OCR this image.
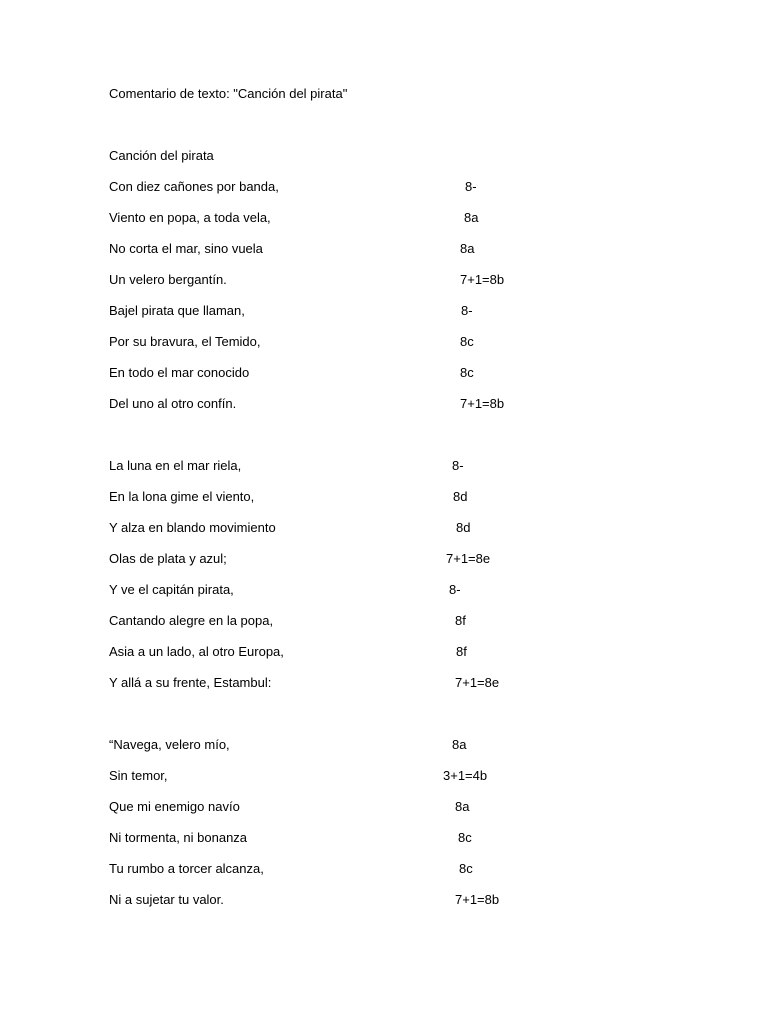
Comentario de texto: "Canción del pirata"
Canción del pirata
Con diez cañones por banda,	8-
Viento en popa, a toda vela,	8a
No corta el mar, sino vuela	8a
Un velero bergantín.	7+1=8b
Bajel pirata que llaman,	8-
Por su bravura, el Temido,	8c
En todo el mar conocido	8c
Del uno al otro confín.	7+1=8b
La luna en el mar riela,	8-
En la lona gime el viento,	8d
Y alza en blando movimiento	8d
Olas de plata y azul;	7+1=8e
Y ve el capitán pirata,	8-
Cantando alegre en la popa,	8f
Asia a un lado, al otro Europa,	8f
Y allá a su frente, Estambul:	7+1=8e
“Navega, velero mío,	8a
Sin temor,	3+1=4b
Que mi enemigo navío	8a
Ni tormenta, ni bonanza	8c
Tu rumbo a torcer alcanza,	8c
Ni a sujetar tu valor.	7+1=8b
